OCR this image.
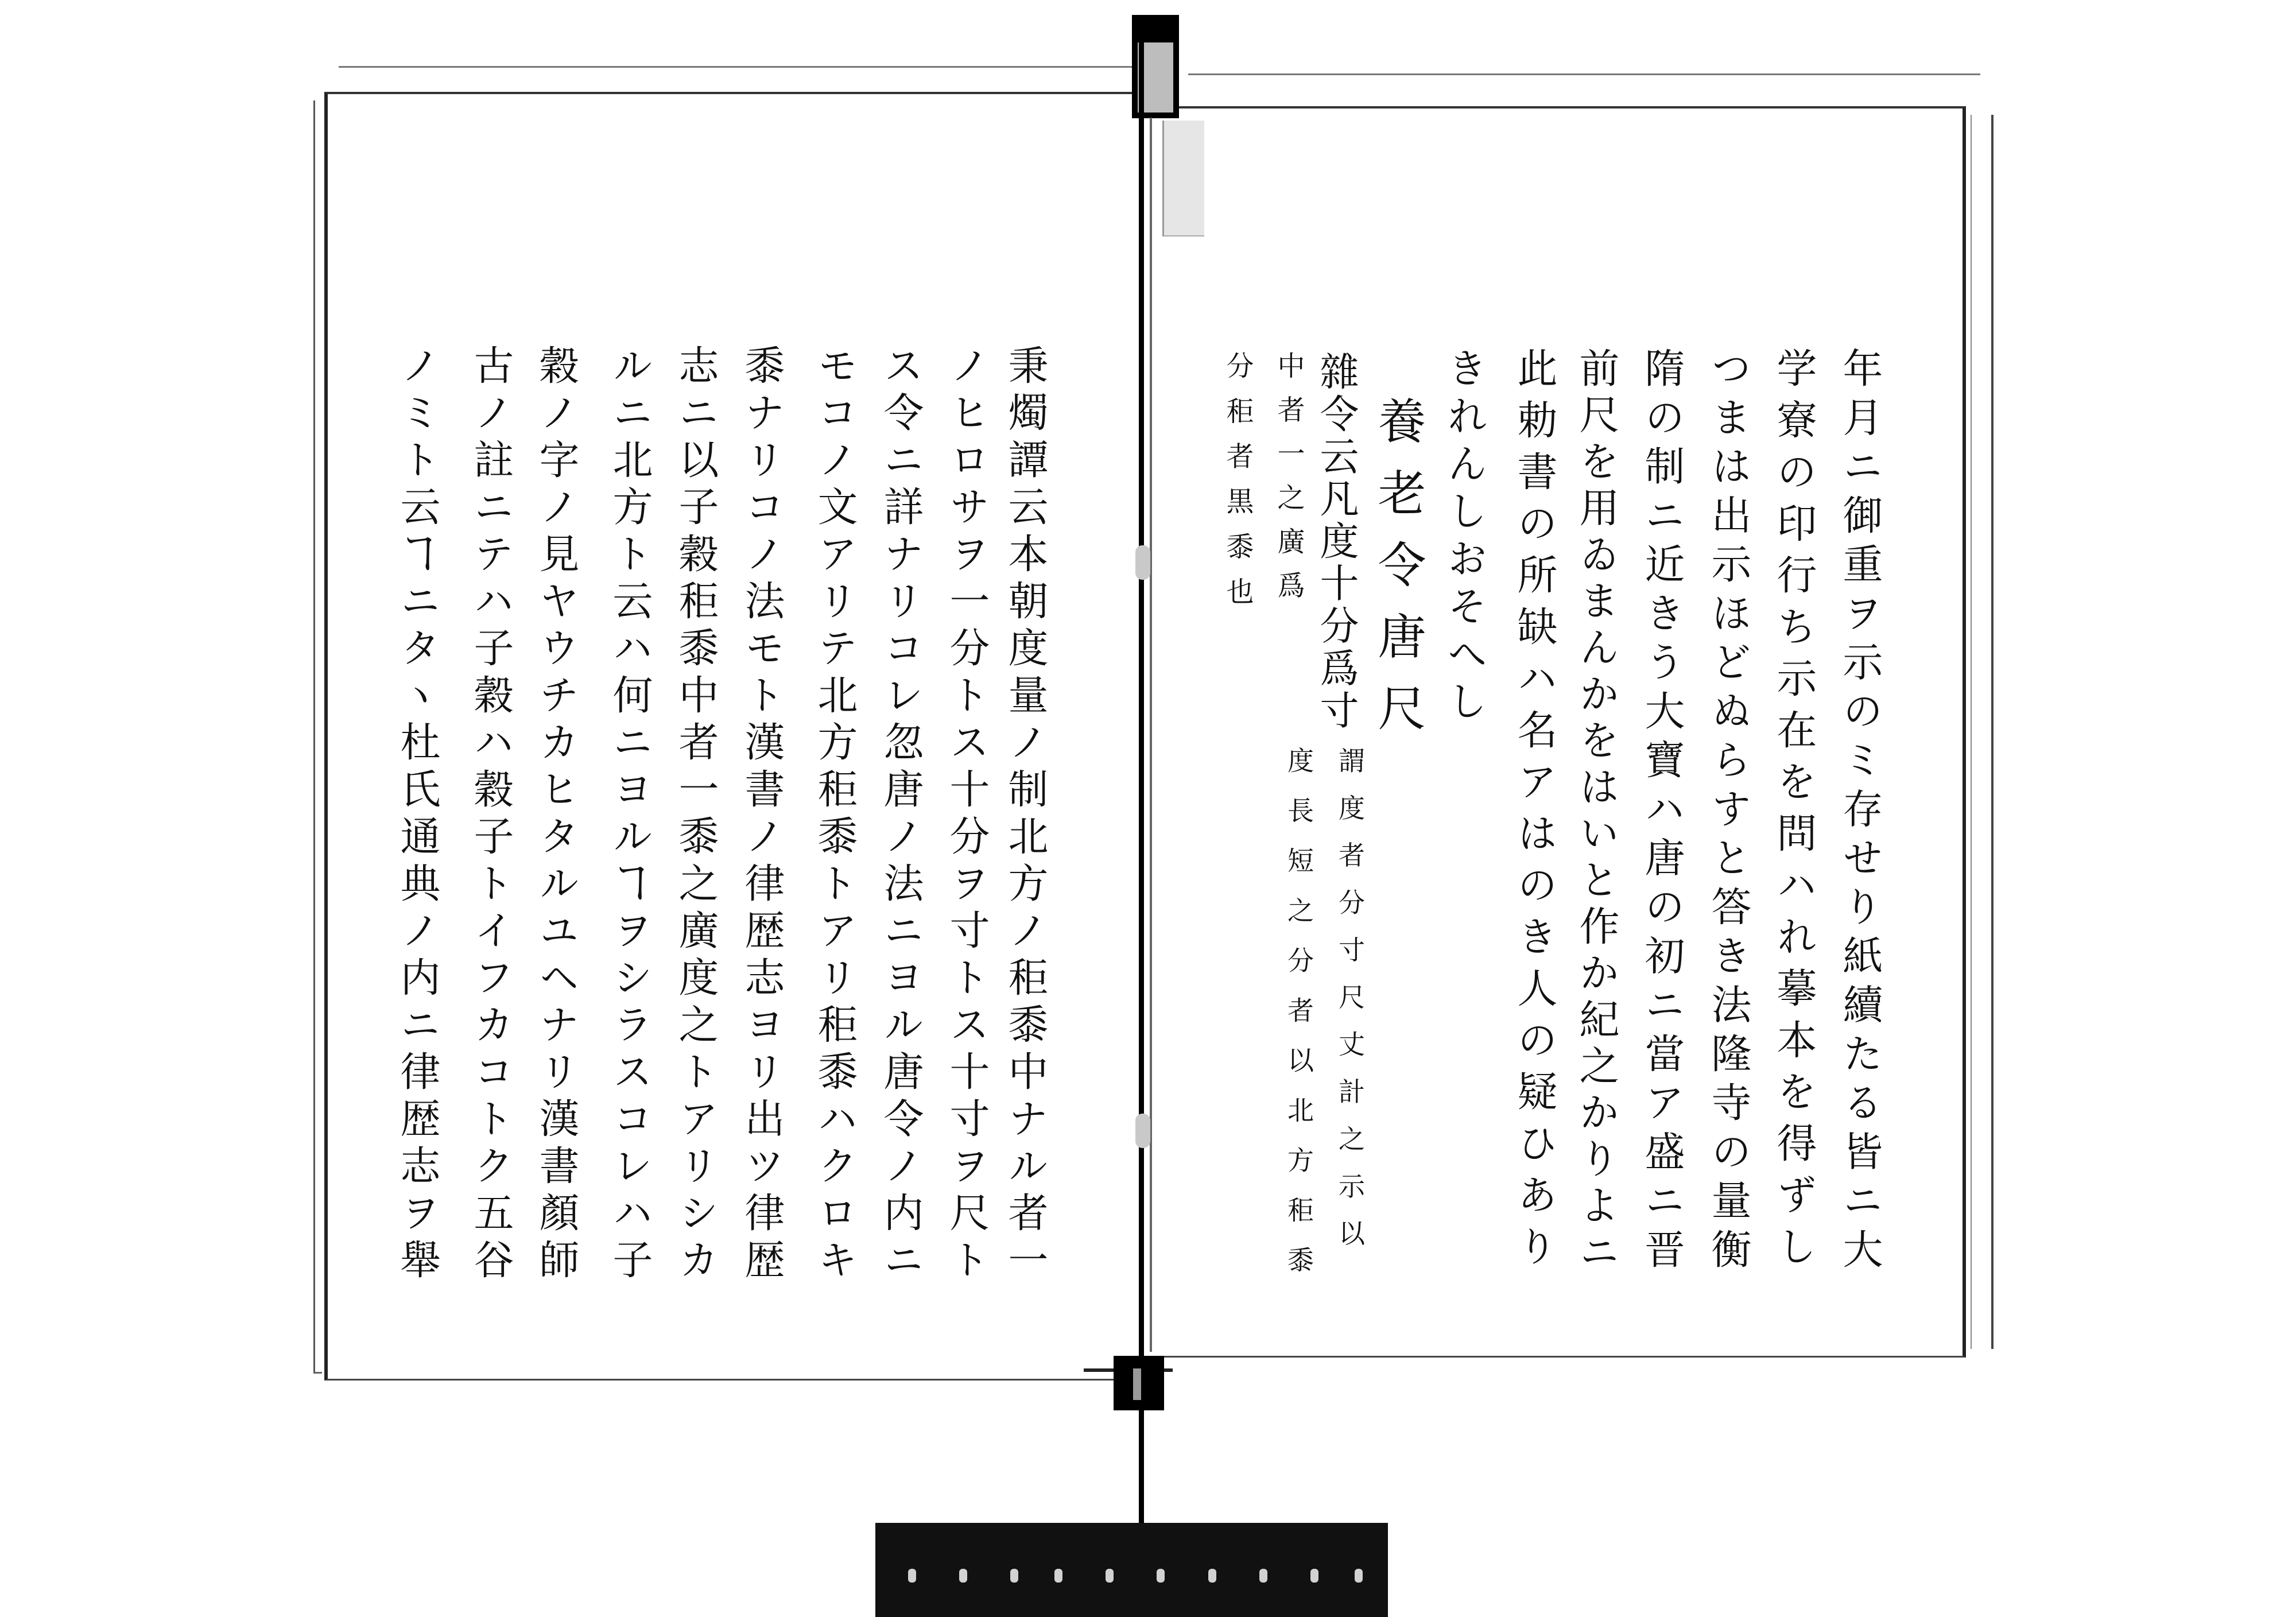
年月ニ御重ヲ示のミ存せり紙續たる皆ニ大
学寮の印行ち示在を問ハれ摹本を得ずし
つまは出示ほどぬらすと答き法隆寺の量衡
隋の制ニ近きう大寶ハ唐の初ニ當ア盛ニ晋
前尺を用ゐまんかをはいと作か紀之かりよニ
此勅書の所缺ハ名アはのき人の疑ひあり
きれんしおそへし
養老令唐尺
雜令云凡度十分爲寸
謂度者分寸尺丈計之示以
度長短之分者以北方秬黍
中者一之廣爲
分秬者黒黍也
秉燭譚云本朝度量ノ制北方ノ秬黍中ナル者一
ノヒロサヲ一分トス十分ヲ寸トス十寸ヲ尺ト
ス令ニ詳ナリコレ忽唐ノ法ニヨル唐令ノ内ニ
モコノ文アリテ北方秬黍トアリ秬黍ハクロキ
黍ナリコノ法モト漢書ノ律歴志ヨリ出ツ律歴
志ニ以子穀秬黍中者一黍之廣度之トアリシカ
ルニ北方ト云ハ何ニヨルヿヲシラスコレハ子
穀ノ字ノ見ヤウチカヒタルユヘナリ漢書顏師
古ノ註ニテハ子穀ハ穀子トイフカコトク五谷
ノミト云ヿニタヽ杜氏通典ノ内ニ律歴志ヲ舉
